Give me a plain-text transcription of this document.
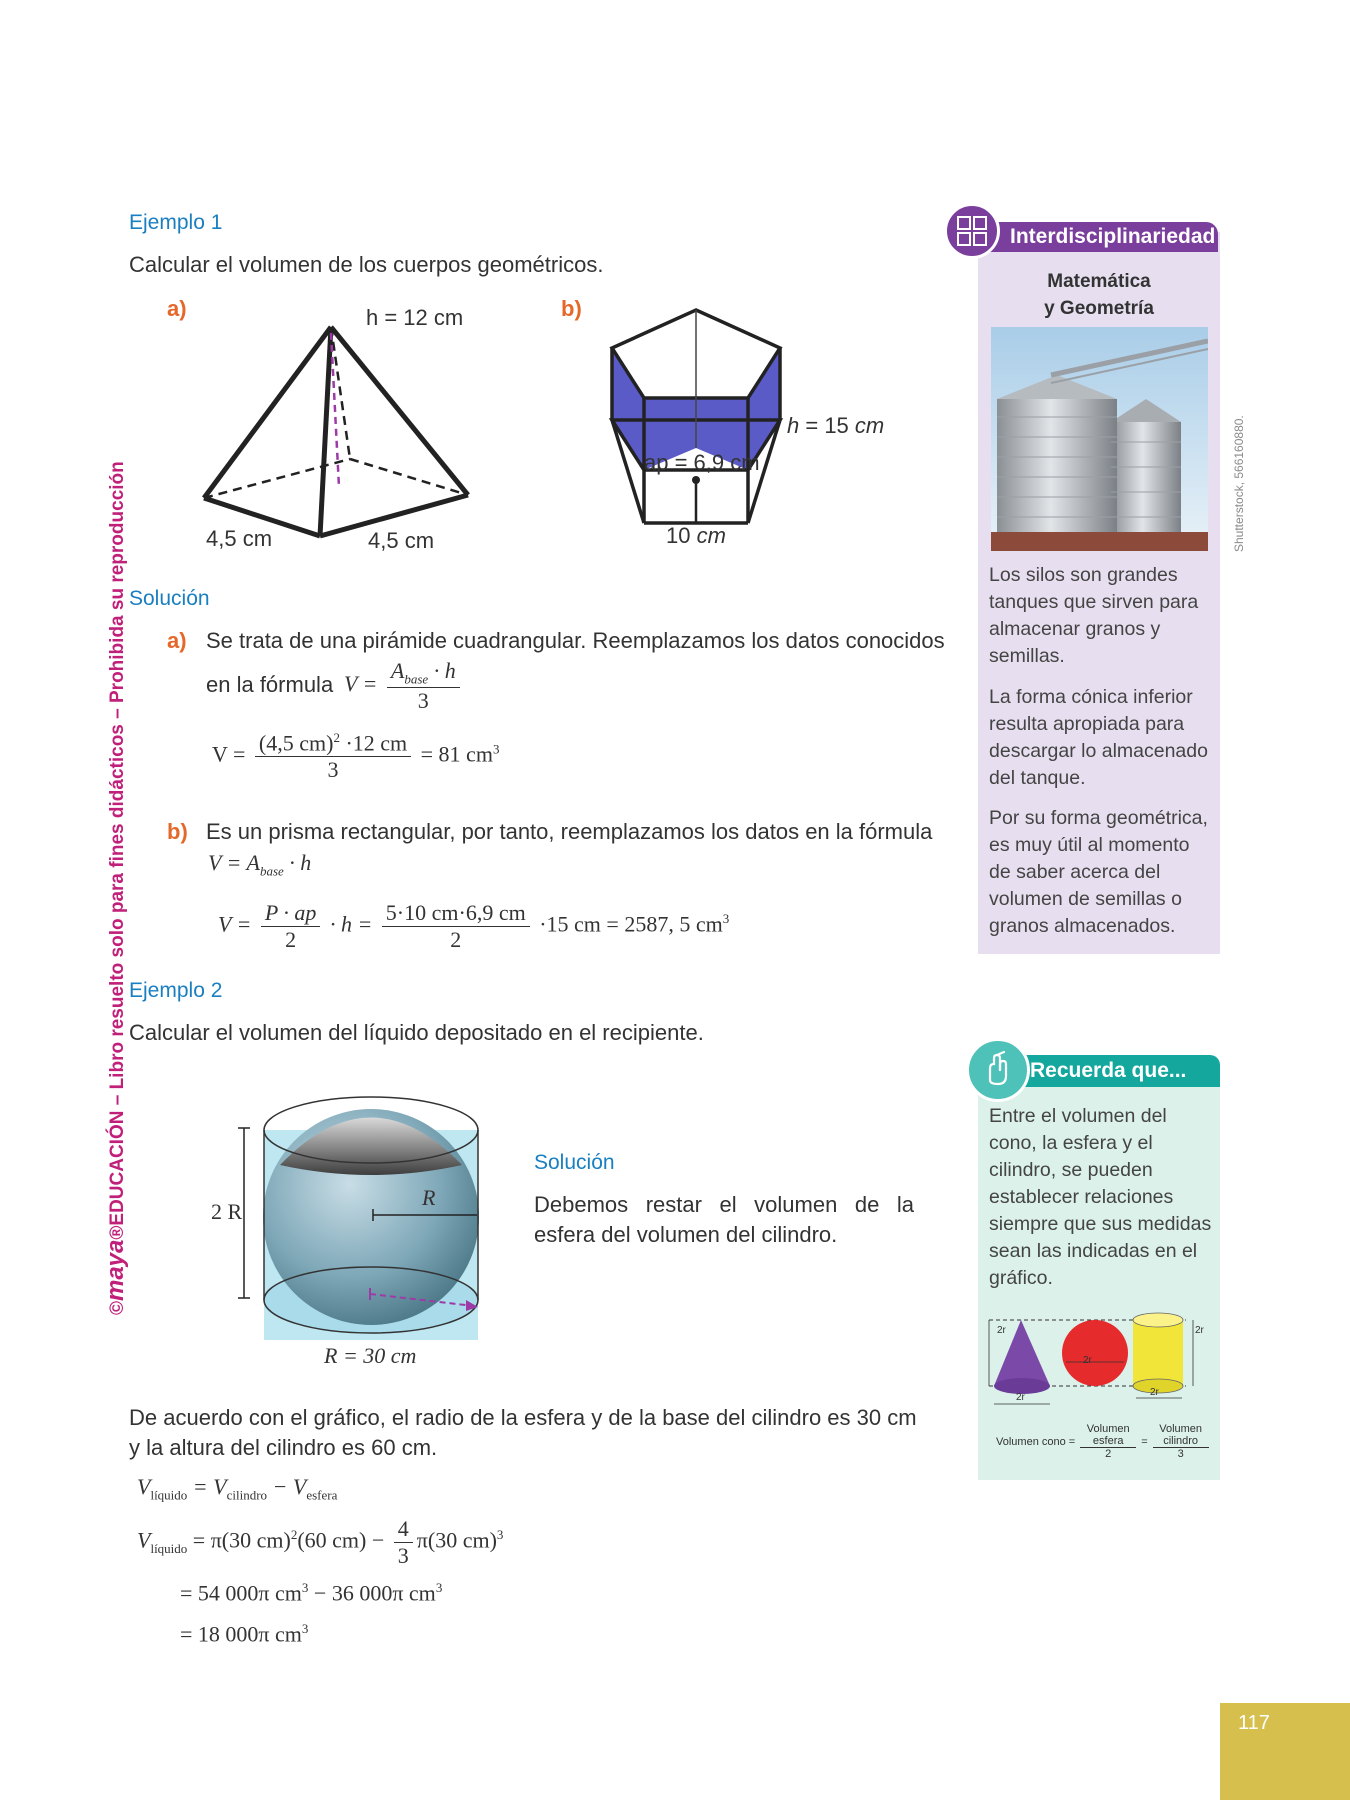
©maya®EDUCACIÓN – Libro resuelto solo para fines didácticos – Prohibida su reproducción
Ejemplo 1
Calcular el volumen de los cuerpos geométricos.
a)	h = 12 cm
4,5 cm	4,5 cm
b)
h = 15 cm
ap = 6,9 cm
10 cm
Solución
a) Se trata de una pirámide cuadrangular. Reemplazamos los datos conocidos
en la fórmula $V = \frac{A_{base} \cdot h}{3}$
$V = \frac{(4,5 cm)^2 \cdot 12 cm}{3} = 81$ $cm^3$
b) Es un prisma rectangular, por tanto, reemplazamos los datos en la fórmula
$V = A_{base} \cdot h$
$V = \frac{P \cdot ap}{2} \cdot h = \frac{5\cdot 10 cm\cdot 6,9 cm}{2} \cdot 15$ cm = 2587, 5 $cm^3$
Ejemplo 2
Calcular el volumen del líquido depositado en el recipiente.
2 R
R
R = 30 cm
Solución
Debemos restar el volumen de la esfera del volumen del cilindro.
De acuerdo con el gráfico, el radio de la esfera y de la base del cilindro es 30 cm
y la altura del cilindro es 60 cm.
$V_{líquido} = V_{cilindro} - V_{esfera}$
$V_{líquido} = \pi(30$ cm)$^2$(60 $cm) - \frac{4}{3} \pi(30$ cm)$^3$
= 54 000π $cm^3 - 36$ 000π $cm^3$
= 18 000π $cm^3$
Interdisciplinariedad
Matemática
y Geometría
Shutterstock, 566160880.
Los silos son grandes tanques que sirven para almacenar granos y semillas.
La forma cónica inferior resulta apropiada para descargar lo almacenado del tanque.
Por su forma geométrica, es muy útil al momento de saber acerca del volumen de semillas o granos almacenados.
Recuerda que...
Entre el volumen del cono, la esfera y el cilindro, se pueden establecer relaciones siempre que sus medidas sean las indicadas en el gráfico.
2r
2r
2r
2r	2r
Volumen cono = $\frac{\text{Volumen esfera}}{2} = \frac{\text{Volumen cilindro}}{3}$
117
